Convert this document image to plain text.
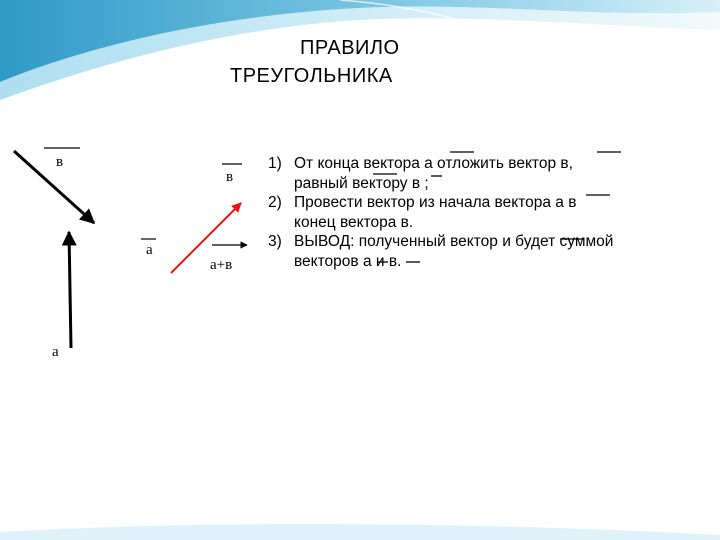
ПРАВИЛО
ТРЕУГОЛЬНИКА
в
а
в
а
а+в
1) От конца вектора а отложить вектор в,
равный вектору в ;
2) Провести вектор из начала вектора а в
конец вектора в.
3) ВЫВОД: полученный вектор и будет суммой
векторов а и в.
